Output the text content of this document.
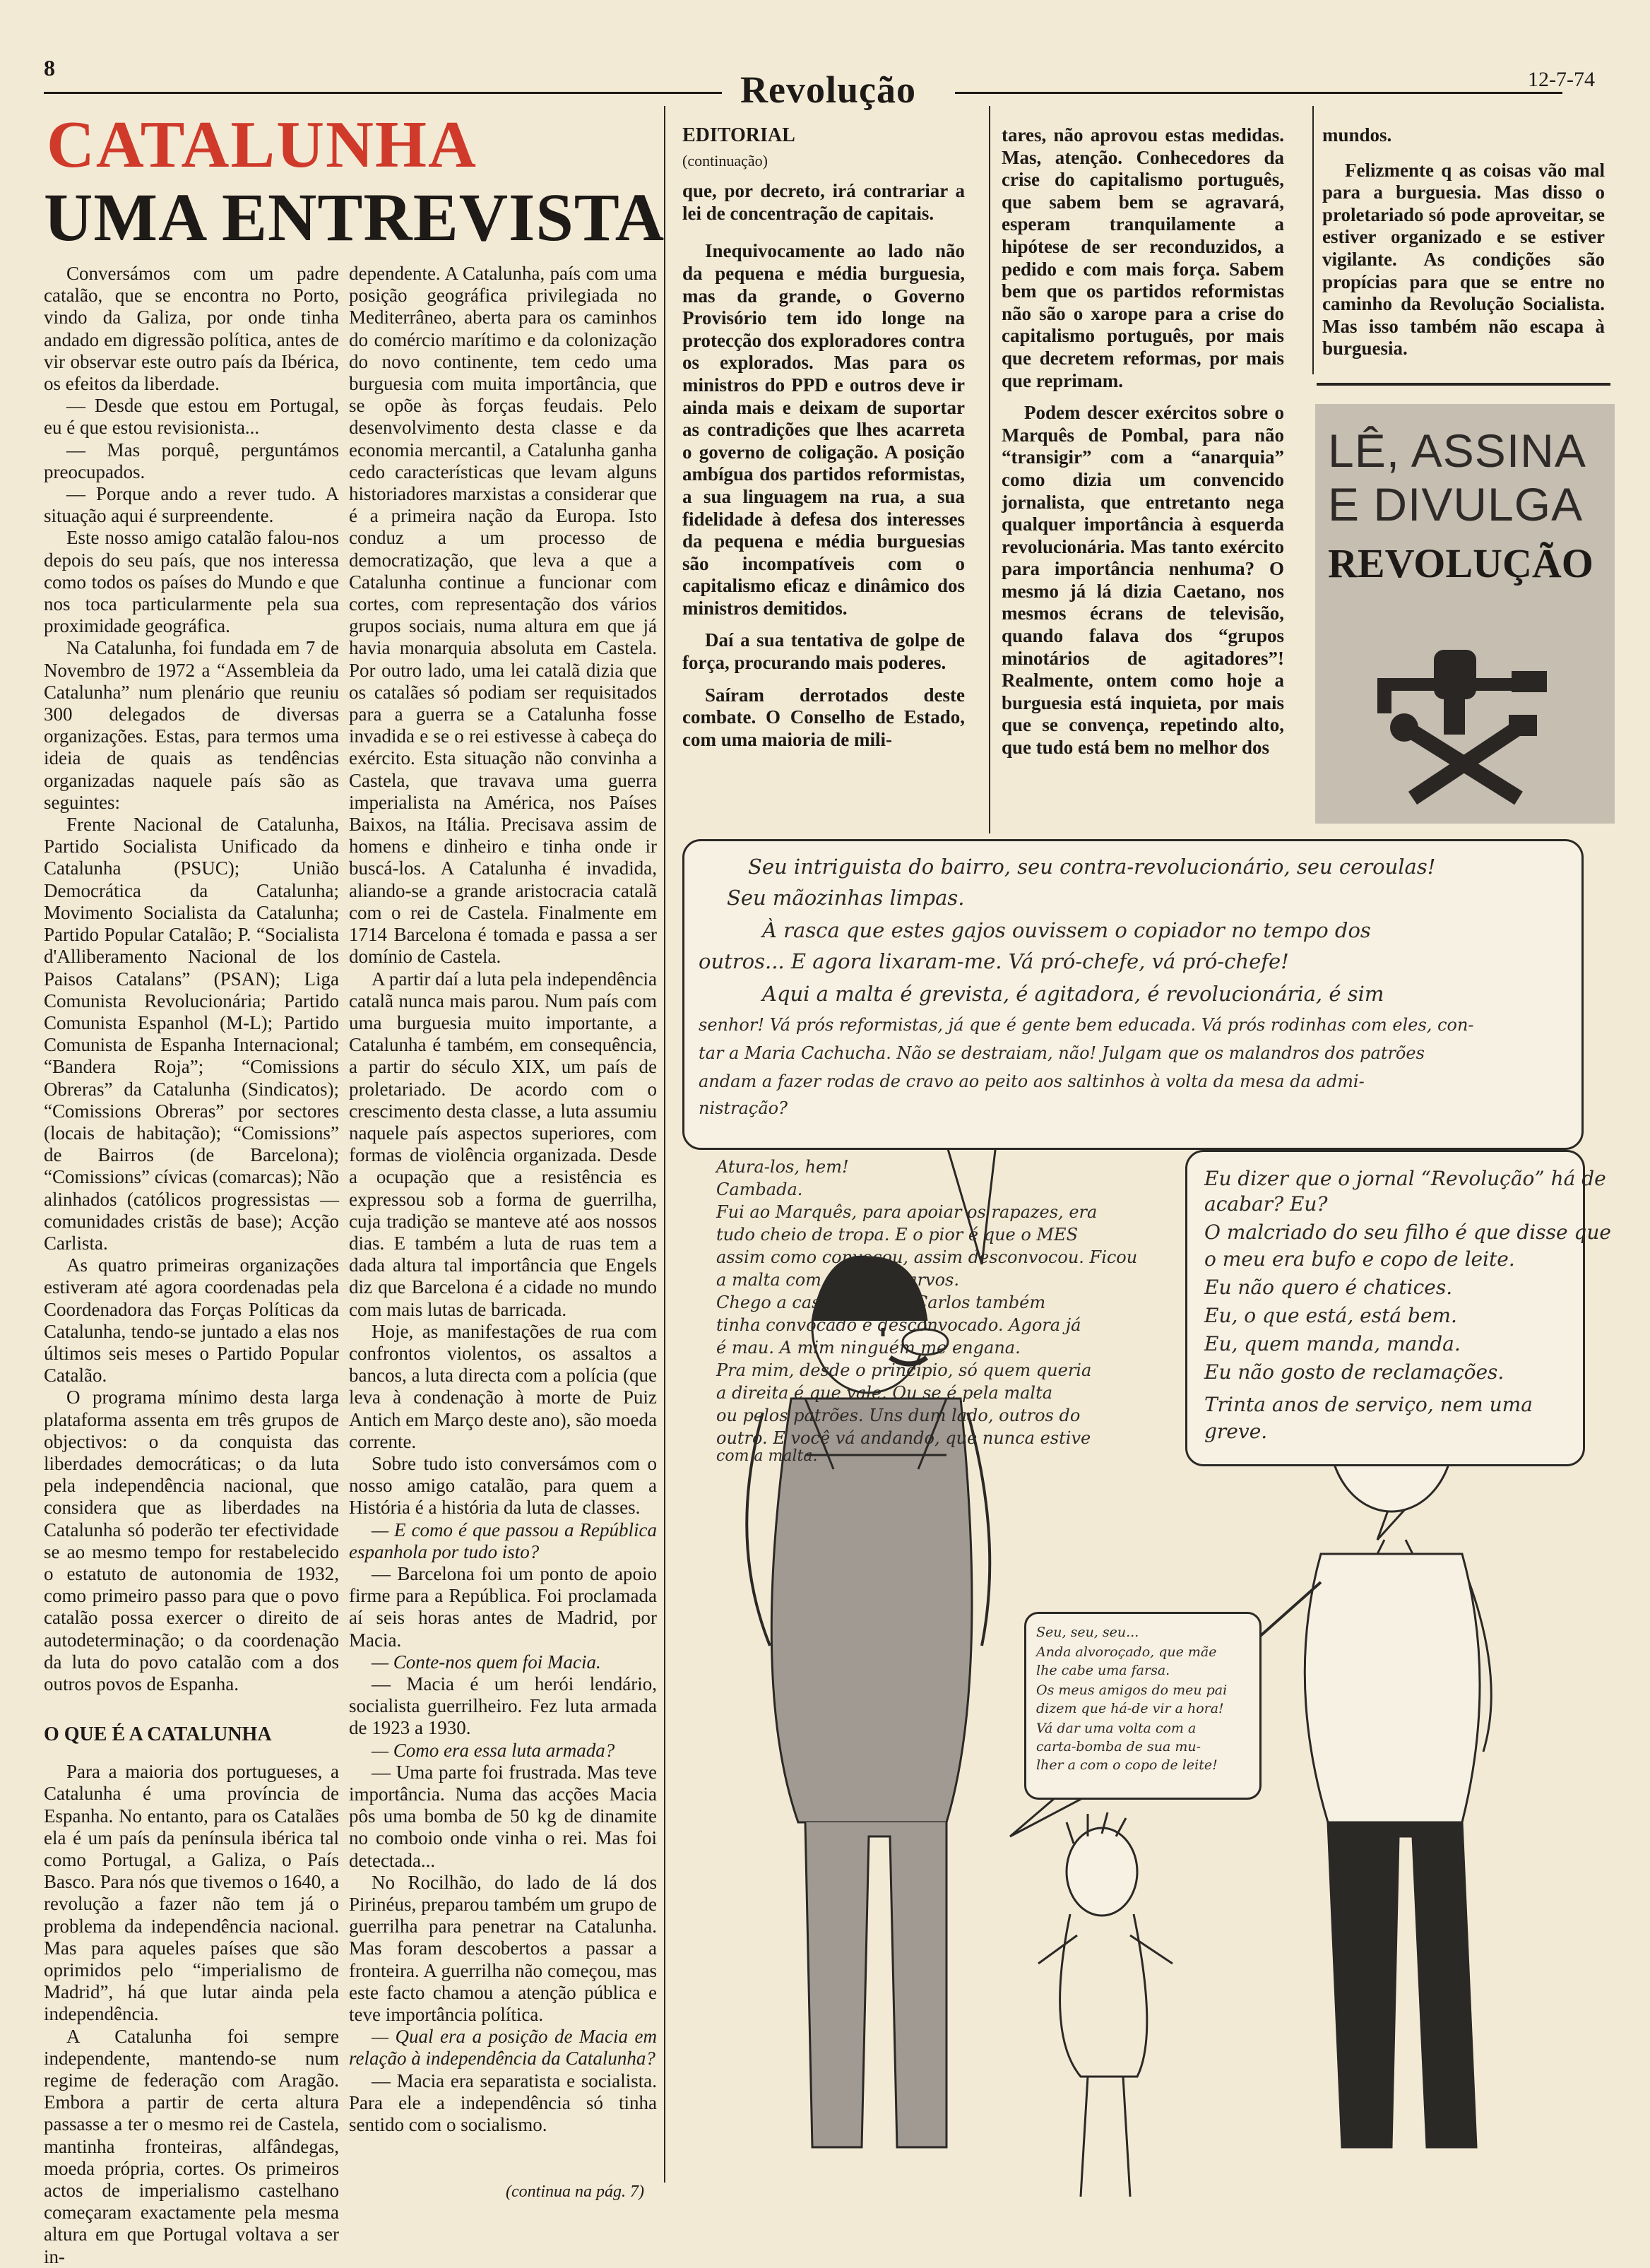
8
Revolução	12-7-74
CATALUNHA
UMA ENTREVISTA

Conversámos com um padre catalão, que se encontra no Porto, vindo da Galiza, por onde tinha andado em digressão política, antes de vir observar este outro país da Ibérica, os efeitos da liberdade.

— Desde que estou em Portugal, eu é que estou revisionista...

— Mas porquê, perguntámos preocupados.

— Porque ando a rever tudo. A situação aqui é surpreendente.

Este nosso amigo catalão falou-nos depois do seu país, que nos interessa como todos os países do Mundo e que nos toca particularmente pela sua proximidade geográfica.

Na Catalunha, foi fundada em 7 de Novembro de 1972 a “Assembleia da Catalunha” num plenário que reuniu 300 delegados de diversas organizações. Estas, para termos uma ideia de quais as tendências organizadas naquele país são as seguintes:

Frente Nacional de Catalunha, Partido Socialista Unificado da Catalunha (PSUC); União Democrática da Catalunha; Movimento Socialista da Catalunha; Partido Popular Catalão; P. “Socialista d'Alliberamento Nacional de los Paisos Catalans” (PSAN); Liga Comunista Revolucionária; Partido Comunista Espanhol (M-L); Partido Comunista de Espanha Internacional; “Bandera Roja”; “Comissions Obreras” da Catalunha (Sindicatos); “Comissions Obreras” por sectores (locais de habitação); “Comissions” de Bairros (de Barcelona); “Comissions” cívicas (comarcas); Não alinhados (católicos progressistas — comunidades cristãs de base); Acção Carlista.

As quatro primeiras organizações estiveram até agora coordenadas pela Coordenadora das Forças Políticas da Catalunha, tendo-se juntado a elas nos últimos seis meses o Partido Popular Catalão.

O programa mínimo desta larga plataforma assenta em três grupos de objectivos: o da conquista das liberdades democráticas; o da luta pela independência nacional, que considera que as liberdades na Catalunha só poderão ter efectividade se ao mesmo tempo for restabelecido o estatuto de autonomia de 1932, como primeiro passo para que o povo catalão possa exercer o direito de autodeterminação; o da coordenação da luta do povo catalão com a dos outros povos de Espanha.

O QUE É A CATALUNHA

Para a maioria dos portugueses, a Catalunha é uma província de Espanha. No entanto, para os Catalães ela é um país da península ibérica tal como Portugal, a Galiza, o País Basco. Para nós que tivemos o 1640, a revolução a fazer não tem já o problema da independência nacional. Mas para aqueles países que são oprimidos pelo “imperialismo de Madrid”, há que lutar ainda pela independência.

A Catalunha foi sempre independente, mantendo-se num regime de federação com Aragão. Embora a partir de certa altura passasse a ter o mesmo rei de Castela, mantinha fronteiras, alfândegas, moeda própria, cortes. Os primeiros actos de imperialismo castelhano começaram exactamente pela mesma altura em que Portugal voltava a ser in-

dependente. A Catalunha, país com uma posição geográfica privilegiada no Mediterrâneo, aberta para os caminhos do comércio marítimo e da colonização do novo continente, tem cedo uma burguesia com muita importância, que se opõe às forças feudais. Pelo desenvolvimento desta classe e da economia mercantil, a Catalunha ganha cedo características que levam alguns historiadores marxistas a considerar que é a primeira nação da Europa. Isto conduz a um processo de democratização, que leva a que a Catalunha continue a funcionar com cortes, com representação dos vários grupos sociais, numa altura em que já havia monarquia absoluta em Castela. Por outro lado, uma lei catalã dizia que os catalães só podiam ser requisitados para a guerra se a Catalunha fosse invadida e se o rei estivesse à cabeça do exército. Esta situação não convinha a Castela, que travava uma guerra imperialista na América, nos Países Baixos, na Itália. Precisava assim de homens e dinheiro e tinha onde ir buscá-los. A Catalunha é invadida, aliando-se a grande aristocracia catalã com o rei de Castela. Finalmente em 1714 Barcelona é tomada e passa a ser domínio de Castela.

A partir daí a luta pela independência catalã nunca mais parou. Num país com uma burguesia muito importante, a Catalunha é também, em consequência, a partir do século XIX, um país de proletariado. De acordo com o crescimento desta classe, a luta assumiu naquele país aspectos superiores, com formas de violência organizada. Desde a ocupação que a resistência es expressou sob a forma de guerrilha, cuja tradição se manteve até aos nossos dias. E também a luta de ruas tem a dada altura tal importância que Engels diz que Barcelona é a cidade no mundo com mais lutas de barricada.

Hoje, as manifestações de rua com confrontos violentos, os assaltos a bancos, a luta directa com a polícia (que leva à condenação à morte de Puiz Antich em Março deste ano), são moeda corrente.

Sobre tudo isto conversámos com o nosso amigo catalão, para quem a História é a história da luta de classes.

— E como é que passou a República espanhola por tudo isto?

— Barcelona foi um ponto de apoio firme para a República. Foi proclamada aí seis horas antes de Madrid, por Macia.

— Conte-nos quem foi Macia.

— Macia é um herói lendário, socialista guerrilheiro. Fez luta armada de 1923 a 1930.

— Como era essa luta armada?

— Uma parte foi frustrada. Mas teve importância. Numa das acções Macia pôs uma bomba de 50 kg de dinamite no comboio onde vinha o rei. Mas foi detectada...

No Rocilhão, do lado de lá dos Pirinéus, preparou também um grupo de guerrilha para penetrar na Catalunha. Mas foram descobertos a passar a fronteira. A guerrilha não começou, mas este facto chamou a atenção pública e teve importância política.

— Qual era a posição de Macia em relação à independência da Catalunha?

— Macia era separatista e socialista. Para ele a independência só tinha sentido com o socialismo.

(continua na pág. 7)
EDITORIAL
(continuação)

que, por decreto, irá contrariar a lei de concentração de capitais.

Inequivocamente ao lado não da pequena e média burguesia, mas da grande, o Governo Provisório tem ido longe na protecção dos exploradores contra os explorados. Mas para os ministros do PPD e outros deve ir ainda mais e deixam de suportar as contradições que lhes acarreta o governo de coligação. A posição ambígua dos partidos reformistas, a sua linguagem na rua, a sua fidelidade à defesa dos interesses da pequena e média burguesias são incompatíveis com o capitalismo eficaz e dinâmico dos ministros demitidos.

Daí a sua tentativa de golpe de força, procurando mais poderes.

Saíram derrotados deste combate. O Conselho de Estado, com uma maioria de mili-

tares, não aprovou estas medidas. Mas, atenção. Conhecedores da crise do capitalismo português, que sabem bem se agravará, esperam tranquilamente a hipótese de ser reconduzidos, a pedido e com mais força. Sabem bem que os partidos reformistas não são o xarope para a crise do capitalismo português, por mais que decretem reformas, por mais que reprimam.

Podem descer exércitos sobre o Marquês de Pombal, para não “transigir” com a “anarquia” como dizia um convencido jornalista, que entretanto nega qualquer importância à esquerda revolucionária. Mas tanto exército para importância nenhuma? O mesmo já lá dizia Caetano, nos mesmos écrans de televisão, quando falava dos “grupos minotários de agitadores”! Realmente, ontem como hoje a burguesia está inquieta, por mais que se convença, repetindo alto, que tudo está bem no melhor dos

mundos.

Felizmente q as coisas vão mal para a burguesia. Mas disso o proletariado só pode aproveitar, se estiver organizado e se estiver vigilante. As condições são propícias para que se entre no caminho da Revolução Socialista. Mas isso também não escapa à burguesia.

LÊ, ASSINA
E DIVULGA
REVOLUÇÃO
Seu intriguista do bairro, seu contra-revolucionário, seu ceroulas!
Seu mãozinhas limpas.
À rasca que estes gajos ouvissem o copiador no tempo dos
outros... E agora lixaram-me. Vá pró-chefe, vá pró-chefe!
Aqui a malta é grevista, é agitadora, é revolucionária, é sim
senhor! Vá prós reformistas, já que é gente bem educada. Vá prós rodinhas com eles, con-
tar a Maria Cachucha. Não se destraiam, não! Julgam que os malandros dos patrões
andam a fazer rodas de cravo ao peito aos saltinhos à volta da mesa da admi-
nistração?
Atura-los, hem!
Cambada.
Fui ao Marquês, para apoiar os rapazes, era
tudo cheio de tropa. E o pior é que o MES
assim como convocou, assim desconvocou. Ficou
a malta com cara de parvos.
Chego a casa, o Palma Carlos também
tinha convocado e desconvocado. Agora já
é mau. A mim ninguém me engana.
Pra mim, desde o princípio, só quem queria
a direita é que vale. Ou se é pela malta
ou pelos patrões. Uns dum lado, outros do
outro. E você vá andando, que nunca estive
com a malta.
Eu dizer que o jornal “Revolução” há de
acabar? Eu?
O malcriado do seu filho é que disse que
o meu era bufo e copo de leite.
Eu não quero é chatices.
Eu, o que está, está bem.
Eu, quem manda, manda.
Eu não gosto de reclamações.
Trinta anos de serviço, nem uma
greve.
Seu, seu, seu...
Anda alvoroçado, que mãe
lhe cabe uma farsa.
Os meus amigos do meu pai
dizem que há-de vir a hora!
Vá dar uma volta com a
carta-bomba de sua mu-
lher a com o copo de leite!
